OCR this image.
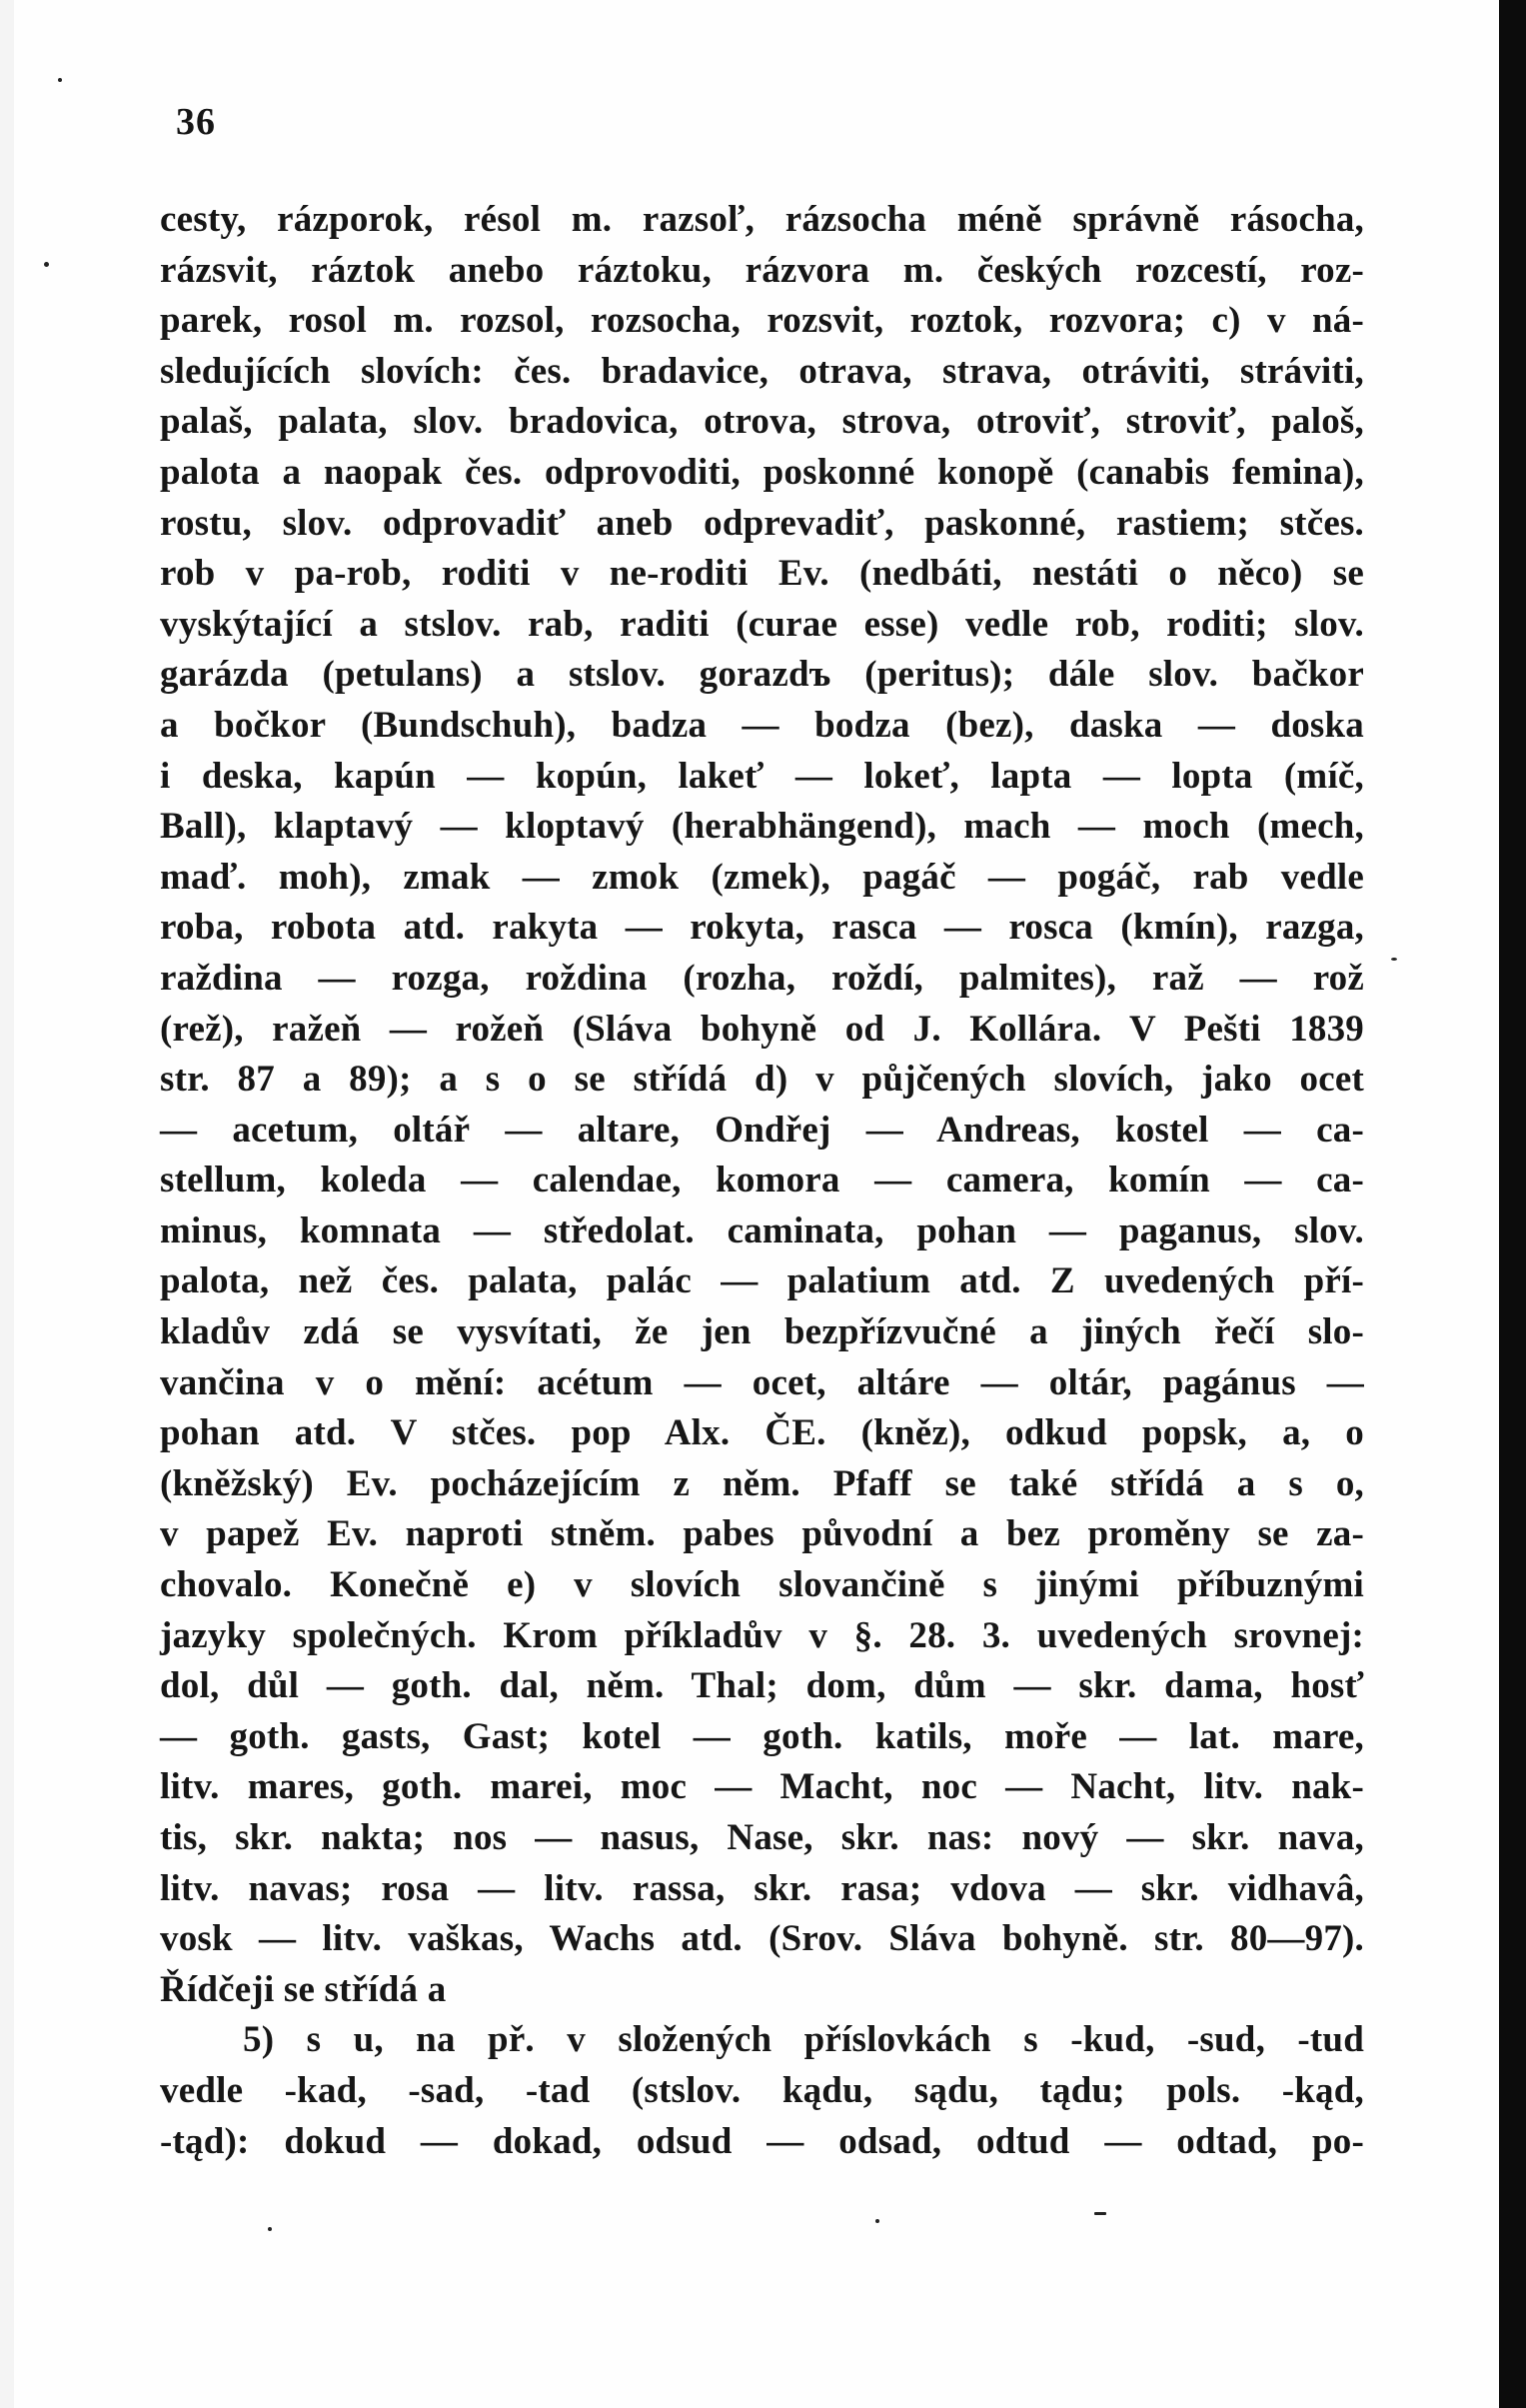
36

cesty, rázporok, résol m. razsoľ, rázsocha méně správně rásocha,
rázsvit, ráztok anebo ráztoku, rázvora m. českých rozcestí, roz-
parek, rosol m. rozsol, rozsocha, rozsvit, roztok, rozvora; c) v ná-
sledujících slovích: čes. bradavice, otrava, strava, otráviti, stráviti,
palaš, palata, slov. bradovica, otrova, strova, otroviť, stroviť, paloš,
palota a naopak čes. odprovoditi, poskonné konopě (canabis femina),
rostu, slov. odprovadiť aneb odprevadiť, paskonné, rastiem; stčes.
rob v pa-rob, roditi v ne-roditi Ev. (nedbáti, nestáti o něco) se
vyskýtající a stslov. rab, raditi (curae esse) vedle rob, roditi; slov.
garázda (petulans) a stslov. gorazdъ (peritus); dále slov. bačkor
a bočkor (Bundschuh), badza — bodza (bez), daska — doska
i deska, kapún — kopún, lakeť — lokeť, lapta — lopta (míč,
Ball), klaptavý — kloptavý (herabhängend), mach — moch (mech,
maď. moh), zmak — zmok (zmek), pagáč — pogáč, rab vedle
roba, robota atd. rakyta — rokyta, rasca — rosca (kmín), razga,
raždina — rozga, roždina (rozha, roždí, palmites), raž — rož
(rež), ražeň — rožeň (Sláva bohyně od J. Kollára. V Pešti 1839
str. 87 a 89); a s o se střídá d) v půjčených slovích, jako ocet
— acetum, oltář — altare, Ondřej — Andreas, kostel — ca-
stellum, koleda — calendae, komora — camera, komín — ca-
minus, komnata — středolat. caminata, pohan — paganus, slov.
palota, než čes. palata, palác — palatium atd. Z uvedených pří-
kladův zdá se vysvítati, že jen bezpřízvučné a jiných řečí slo-
vančina v o mění: acétum — ocet, altáre — oltár, pagánus —
pohan atd. V stčes. pop Alx. ČE. (kněz), odkud popsk, a, o
(kněžský) Ev. pocházejícím z něm. Pfaff se také střídá a s o,
v papež Ev. naproti stněm. pabes původní a bez proměny se za-
chovalo. Konečně e) v slovích slovančině s jinými příbuznými
jazyky společných. Krom příkladův v §. 28. 3. uvedených srovnej:
dol, důl — goth. dal, něm. Thal; dom, dům — skr. dama, hosť
— goth. gasts, Gast; kotel — goth. katils, moře — lat. mare,
litv. mares, goth. marei, moc — Macht, noc — Nacht, litv. nak-
tis, skr. nakta; nos — nasus, Nase, skr. nas: nový — skr. nava,
litv. navas; rosa — litv. rassa, skr. rasa; vdova — skr. vidhavâ,
vosk — litv. vaškas, Wachs atd. (Srov. Sláva bohyně. str. 80—97).
Řídčeji se střídá a
5) s u, na př. v složených příslovkách s -kud, -sud, -tud
vedle -kad, -sad, -tad (stslov. kądu, sądu, tądu; pols. -kąd,
-tąd): dokud — dokad, odsud — odsad, odtud — odtad, po-
